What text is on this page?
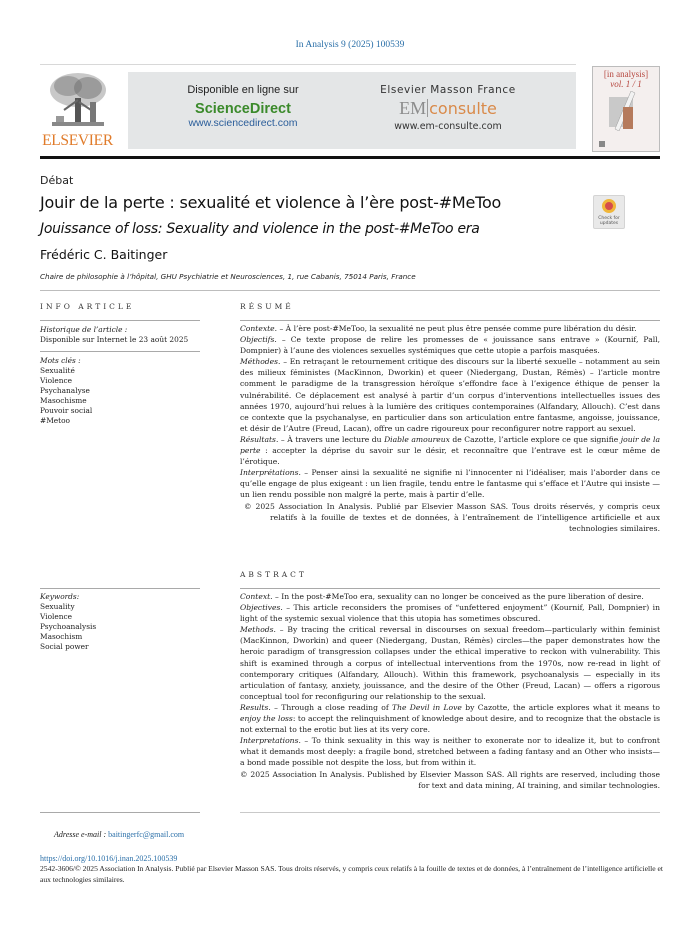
In Analysis 9 (2025) 100539
ELSEVIER
Disponible en ligne sur
ScienceDirect
www.sciencedirect.com
Elsevier Masson France
EM consulte
www.em-consulte.com
[in analysis]
vol. 1 / 1
Débat
Jouir de la perte : sexualité et violence à l’ère post-#MeToo
Jouissance of loss: Sexuality and violence in the post-#MeToo era
Frédéric C. Baitinger
Chaire de philosophie à l’hôpital, GHU Psychiatrie et Neurosciences, 1, rue Cabanis, 75014 Paris, France
Check for updates
INFO ARTICLE	RÉSUMÉ
Historique de l’article :
Disponible sur Internet le 23 août 2025
Mots clés :
Sexualité
Violence
Psychanalyse
Masochisme
Pouvoir social
#Metoo

Contexte. – À l’ère post-#MeToo, la sexualité ne peut plus être pensée comme pure libération du désir.

Objectifs. – Ce texte propose de relire les promesses de « jouissance sans entrave » (Kournif, Pall, Dompnier) à l’aune des violences sexuelles systémiques que cette utopie a parfois masquées.

Méthodes. – En retraçant le retournement critique des discours sur la liberté sexuelle – notamment au sein des milieux féministes (MacKinnon, Dworkin) et queer (Niedergang, Dustan, Rémès) – l’article montre comment le paradigme de la transgression héroïque s’effondre face à l’exigence éthique de penser la vulnérabilité. Ce déplacement est analysé à partir d’un corpus d’interventions intellectuelles issues des années 1970, aujourd’hui relues à la lumière des critiques contemporaines (Alfandary, Allouch). C’est dans ce contexte que la psychanalyse, en particulier dans son articulation entre fantasme, angoisse, jouissance, et désir de l’Autre (Freud, Lacan), offre un cadre rigoureux pour reconfigurer notre rapport au sexuel.

Résultats. – À travers une lecture du Diable amoureux de Cazotte, l’article explore ce que signifie jouir de la perte : accepter la déprise du savoir sur le désir, et reconnaître que l’entrave est le cœur même de l’érotique.

Interprétations. – Penser ainsi la sexualité ne signifie ni l’innocenter ni l’idéaliser, mais l’aborder dans ce qu’elle engage de plus exigeant : un lien fragile, tendu entre le fantasme qui s’efface et l’Autre qui insiste — un lien rendu possible non malgré la perte, mais à partir d’elle.

© 2025 Association In Analysis. Publié par Elsevier Masson SAS. Tous droits réservés, y compris ceux relatifs à la fouille de textes et de données, à l’entraînement de l’intelligence artificielle et aux technologies similaires.

ABSTRACT
Keywords:
Sexuality
Violence
Psychoanalysis
Masochism
Social power

Context. – In the post-#MeToo era, sexuality can no longer be conceived as the pure liberation of desire.

Objectives. – This article reconsiders the promises of “unfettered enjoyment” (Kournif, Pall, Dompnier) in light of the systemic sexual violence that this utopia has sometimes obscured.

Methods. – By tracing the critical reversal in discourses on sexual freedom—particularly within feminist (MacKinnon, Dworkin) and queer (Niedergang, Dustan, Rémès) circles—the paper demonstrates how the heroic paradigm of transgression collapses under the ethical imperative to reckon with vulnerability. This shift is examined through a corpus of intellectual interventions from the 1970s, now re-read in light of contemporary critiques (Alfandary, Allouch). Within this framework, psychoanalysis — especially in its articulation of fantasy, anxiety, jouissance, and the desire of the Other (Freud, Lacan) — offers a rigorous conceptual tool for reconfiguring our relationship to the sexual.

Results. – Through a close reading of The Devil in Love by Cazotte, the article explores what it means to enjoy the loss: to accept the relinquishment of knowledge about desire, and to recognize that the obstacle is not external to the erotic but lies at its very core.

Interpretations. – To think sexuality in this way is neither to exonerate nor to idealize it, but to confront what it demands most deeply: a fragile bond, stretched between a fading fantasy and an Other who insists—a bond made possible not despite the loss, but from within it.

© 2025 Association In Analysis. Published by Elsevier Masson SAS. All rights are reserved, including those for text and data mining, AI training, and similar technologies.

Adresse e-mail : baitingerfc@gmail.com
https://doi.org/10.1016/j.inan.2025.100539
2542-3606/© 2025 Association In Analysis. Publié par Elsevier Masson SAS. Tous droits réservés, y compris ceux relatifs à la fouille de textes et de données, à l’entraînement de l’intelligence artificielle et aux technologies similaires.
